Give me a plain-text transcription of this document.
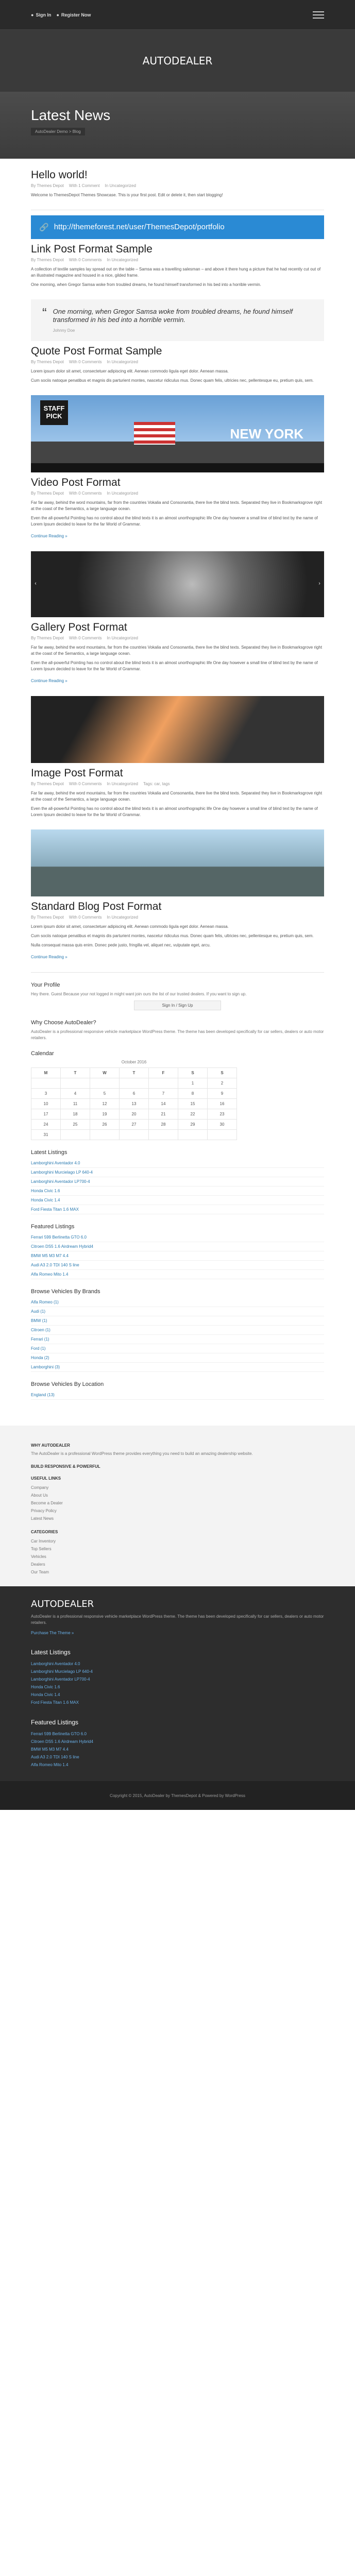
● Sign In ● Register Now
AUTODEALER
Latest News
AutoDealer Demo > Blog
Hello world!
By Themes Depot With 1 Comment In Uncategorized

Welcome to ThemesDepot Themes Showcase. This is your first post. Edit or delete it, then start blogging!

🔗 http://themeforest.net/user/ThemesDepot/portfolio
Link Post Format Sample
By Themes Depot With 0 Comments In Uncategorized

A collection of textile samples lay spread out on the table – Samsa was a travelling salesman – and above it there hung a picture that he had recently cut out of an illustrated magazine and housed in a nice, gilded frame.

One morning, when Gregor Samsa woke from troubled dreams, he found himself transformed in his bed into a horrible vermin.

“ One morning, when Gregor Samsa woke from troubled dreams, he found himself transformed in his bed into a horrible vermin.

Johnny Doe
Quote Post Format Sample
By Themes Depot With 0 Comments In Uncategorized

Lorem ipsum dolor sit amet, consectetuer adipiscing elit. Aenean commodo ligula eget dolor. Aenean massa.

Cum sociis natoque penatibus et magnis dis parturient montes, nascetur ridiculus mus. Donec quam felis, ultricies nec, pellentesque eu, pretium quis, sem.

STAFF PICK
NEW YORK
Video Post Format
By Themes Depot With 0 Comments In Uncategorized

Far far away, behind the word mountains, far from the countries Vokalia and Consonantia, there live the blind texts. Separated they live in Bookmarksgrove right at the coast of the Semantics, a large language ocean.

Even the all-powerful Pointing has no control about the blind texts it is an almost unorthographic life One day however a small line of blind text by the name of Lorem Ipsum decided to leave for the far World of Grammar.

Continue Reading »
‹	›
Gallery Post Format
By Themes Depot With 0 Comments In Uncategorized

Far far away, behind the word mountains, far from the countries Vokalia and Consonantia, there live the blind texts. Separated they live in Bookmarksgrove right at the coast of the Semantics, a large language ocean.

Even the all-powerful Pointing has no control about the blind texts it is an almost unorthographic life One day however a small line of blind text by the name of Lorem Ipsum decided to leave for the far World of Grammar.

Continue Reading »
Image Post Format
By Themes Depot With 0 Comments In Uncategorized Tags: car, tags

Far far away, behind the word mountains, far from the countries Vokalia and Consonantia, there live the blind texts. Separated they live in Bookmarksgrove right at the coast of the Semantics, a large language ocean.

Even the all-powerful Pointing has no control about the blind texts it is an almost unorthographic life One day however a small line of blind text by the name of Lorem Ipsum decided to leave for the far World of Grammar.

Standard Blog Post Format
By Themes Depot With 0 Comments In Uncategorized

Lorem ipsum dolor sit amet, consectetuer adipiscing elit. Aenean commodo ligula eget dolor. Aenean massa.

Cum sociis natoque penatibus et magnis dis parturient montes, nascetur ridiculus mus. Donec quam felis, ultricies nec, pellentesque eu, pretium quis, sem.

Nulla consequat massa quis enim. Donec pede justo, fringilla vel, aliquet nec, vulputate eget, arcu.

Continue Reading »
Your Profile
Hey there. Guest Because your not logged in might want join ours the list of our trusted dealers. If you want to sign up.
Sign In / Sign Up
Why Choose AutoDealer?
AutoDealer is a professional responsive vehicle marketplace WordPress theme. The theme has been developed specifically for car sellers, dealers or auto motor retailers.
Calendar
October 2016
M	T	W	T	F	S	S
					1	2
3	4	5	6	7	8	9
10	11	12	13	14	15	16
17	18	19	20	21	22	23
24	25	26	27	28	29	30
31						
Latest Listings
Lamborghini Aventador 4.0
Lamborghini Murcielago LP 640-4
Lamborghini Aventador LP700-4
Honda Civic 1.6
Honda Civic 1.4
Ford Fiesta Titan 1.6 MAX
Featured Listings
Ferrari 599 Berlinetta GTO 6.0
Citroen DS5 1.6 Airdream Hybrid4
BMW M5 M3 M7 4.4
Audi A3 2.0 TDI 140 S line
Alfa Romeo Mito 1.4
Browse Vehicles By Brands
Alfa Romeo (1)
Audi (1)
BMW (1)
Citroen (1)
Ferrari (1)
Ford (1)
Honda (2)
Lamborghini (3)
Browse Vehicles By Location
England (13)
WHY AUTODEALER
The AutoDealer is a professional WordPress theme provides everything you need to build an amazing dealership website.
BUILD RESPONSIVE & POWERFUL
USEFUL LINKS
Company
About Us
Become a Dealer
Privacy Policy
Latest News
CATEGORIES
Car Inventory
Top Sellers
Vehicles
Dealers
Our Team
AUTODEALER

AutoDealer is a professional responsive vehicle marketplace WordPress theme. The theme has been developed specifically for car sellers, dealers or auto motor retailers.

Purchase The Theme »

Latest Listings
Lamborghini Aventador 4.0
Lamborghini Murcielago LP 640-4
Lamborghini Aventador LP700-4
Honda Civic 1.6
Honda Civic 1.4
Ford Fiesta Titan 1.6 MAX
Featured Listings
Ferrari 599 Berlinetta GTO 6.0
Citroen DS5 1.6 Airdream Hybrid4
BMW M5 M3 M7 4.4
Audi A3 2.0 TDI 140 S line
Alfa Romeo Mito 1.4
Copyright © 2015, AutoDealer by ThemesDepot & Powered by WordPress
